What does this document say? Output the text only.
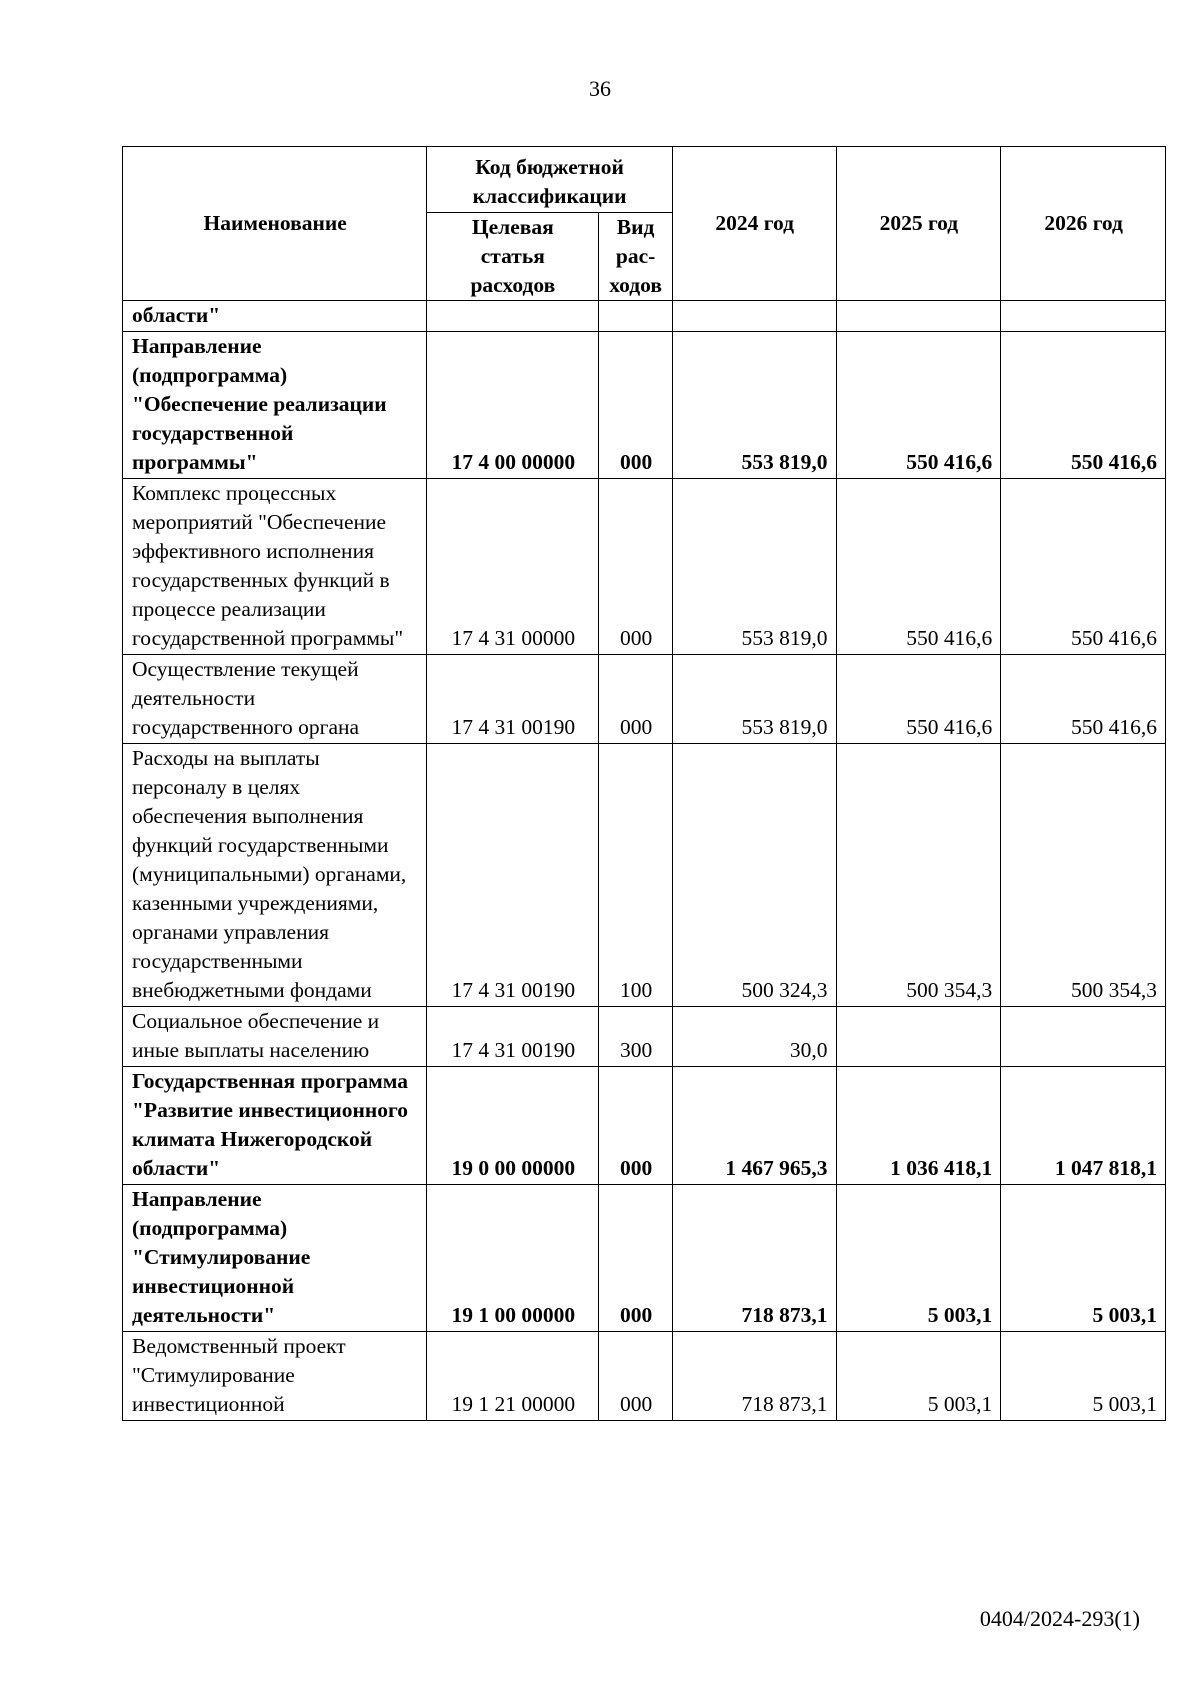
36
Наименование	Код бюджетной классификации		2024 год	2025 год	2026 год
	Целевая статья расходов	Вид рас-ходов			
области"					
Направление (подпрограмма) "Обеспечение реализации государственной программы"	17 4 00 00000	000	553 819,0	550 416,6	550 416,6
Комплекс процессных мероприятий "Обеспечение эффективного исполнения государственных функций в процессе реализации государственной программы"	17 4 31 00000	000	553 819,0	550 416,6	550 416,6
Осуществление текущей деятельности государственного органа	17 4 31 00190	000	553 819,0	550 416,6	550 416,6
Расходы на выплаты персоналу в целях обеспечения выполнения функций государственными (муниципальными) органами, казенными учреждениями, органами управления государственными внебюджетными фондами	17 4 31 00190	100	500 324,3	500 354,3	500 354,3
Социальное обеспечение и иные выплаты населению	17 4 31 00190	300	30,0		
Государственная программа "Развитие инвестиционного климата Нижегородской области"	19 0 00 00000	000	1 467 965,3	1 036 418,1	1 047 818,1
Направление (подпрограмма) "Стимулирование инвестиционной деятельности"	19 1 00 00000	000	718 873,1	5 003,1	5 003,1
Ведомственный проект "Стимулирование инвестиционной	19 1 21 00000	000	718 873,1	5 003,1	5 003,1
0404/2024-293(1)
